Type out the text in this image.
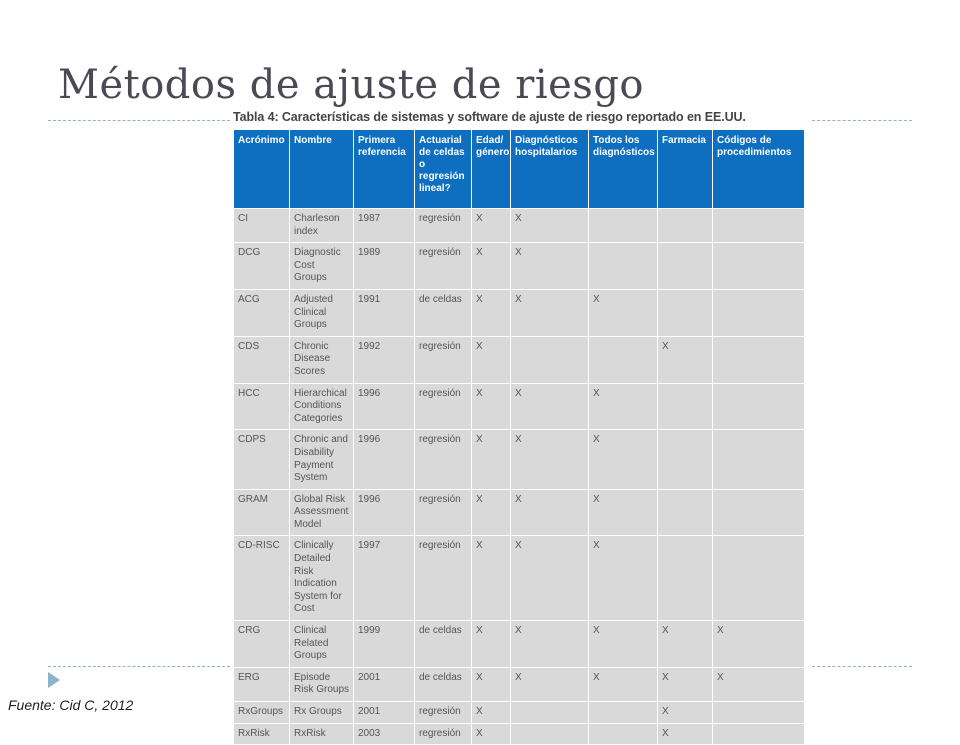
Métodos de ajuste de riesgo
Tabla 4: Características de sistemas y software de ajuste de riesgo reportado en EE.UU.
Acrónimo	Nombre	Primera referencia	Actuarial de celdas o regresión lineal?	Edad/ género	Diagnósticos hospitalarios	Todos los diagnósticos	Farmacia	Códigos de procedimientos
CI	Charleson index	1987	regresión	X	X			
DCG	Diagnostic Cost Groups	1989	regresión	X	X			
ACG	Adjusted Clinical Groups	1991	de celdas	X	X	X		
CDS	Chronic Disease Scores	1992	regresión	X			X	
HCC	Hierarchical Conditions Categories	1996	regresión	X	X	X		
CDPS	Chronic and Disability Payment System	1996	regresión	X	X	X		
GRAM	Global Risk Assessment Model	1996	regresión	X	X	X		
CD-RISC	Clinically Detailed Risk Indication System for Cost	1997	regresión	X	X	X		
CRG	Clinical Related Groups	1999	de celdas	X	X	X	X	X
ERG	Episode Risk Groups	2001	de celdas	X	X	X	X	X
RxGroups	Rx Groups	2001	regresión	X			X	
RxRisk	RxRisk	2003	regresión	X			X	
Fuente: Cid C, 2012
